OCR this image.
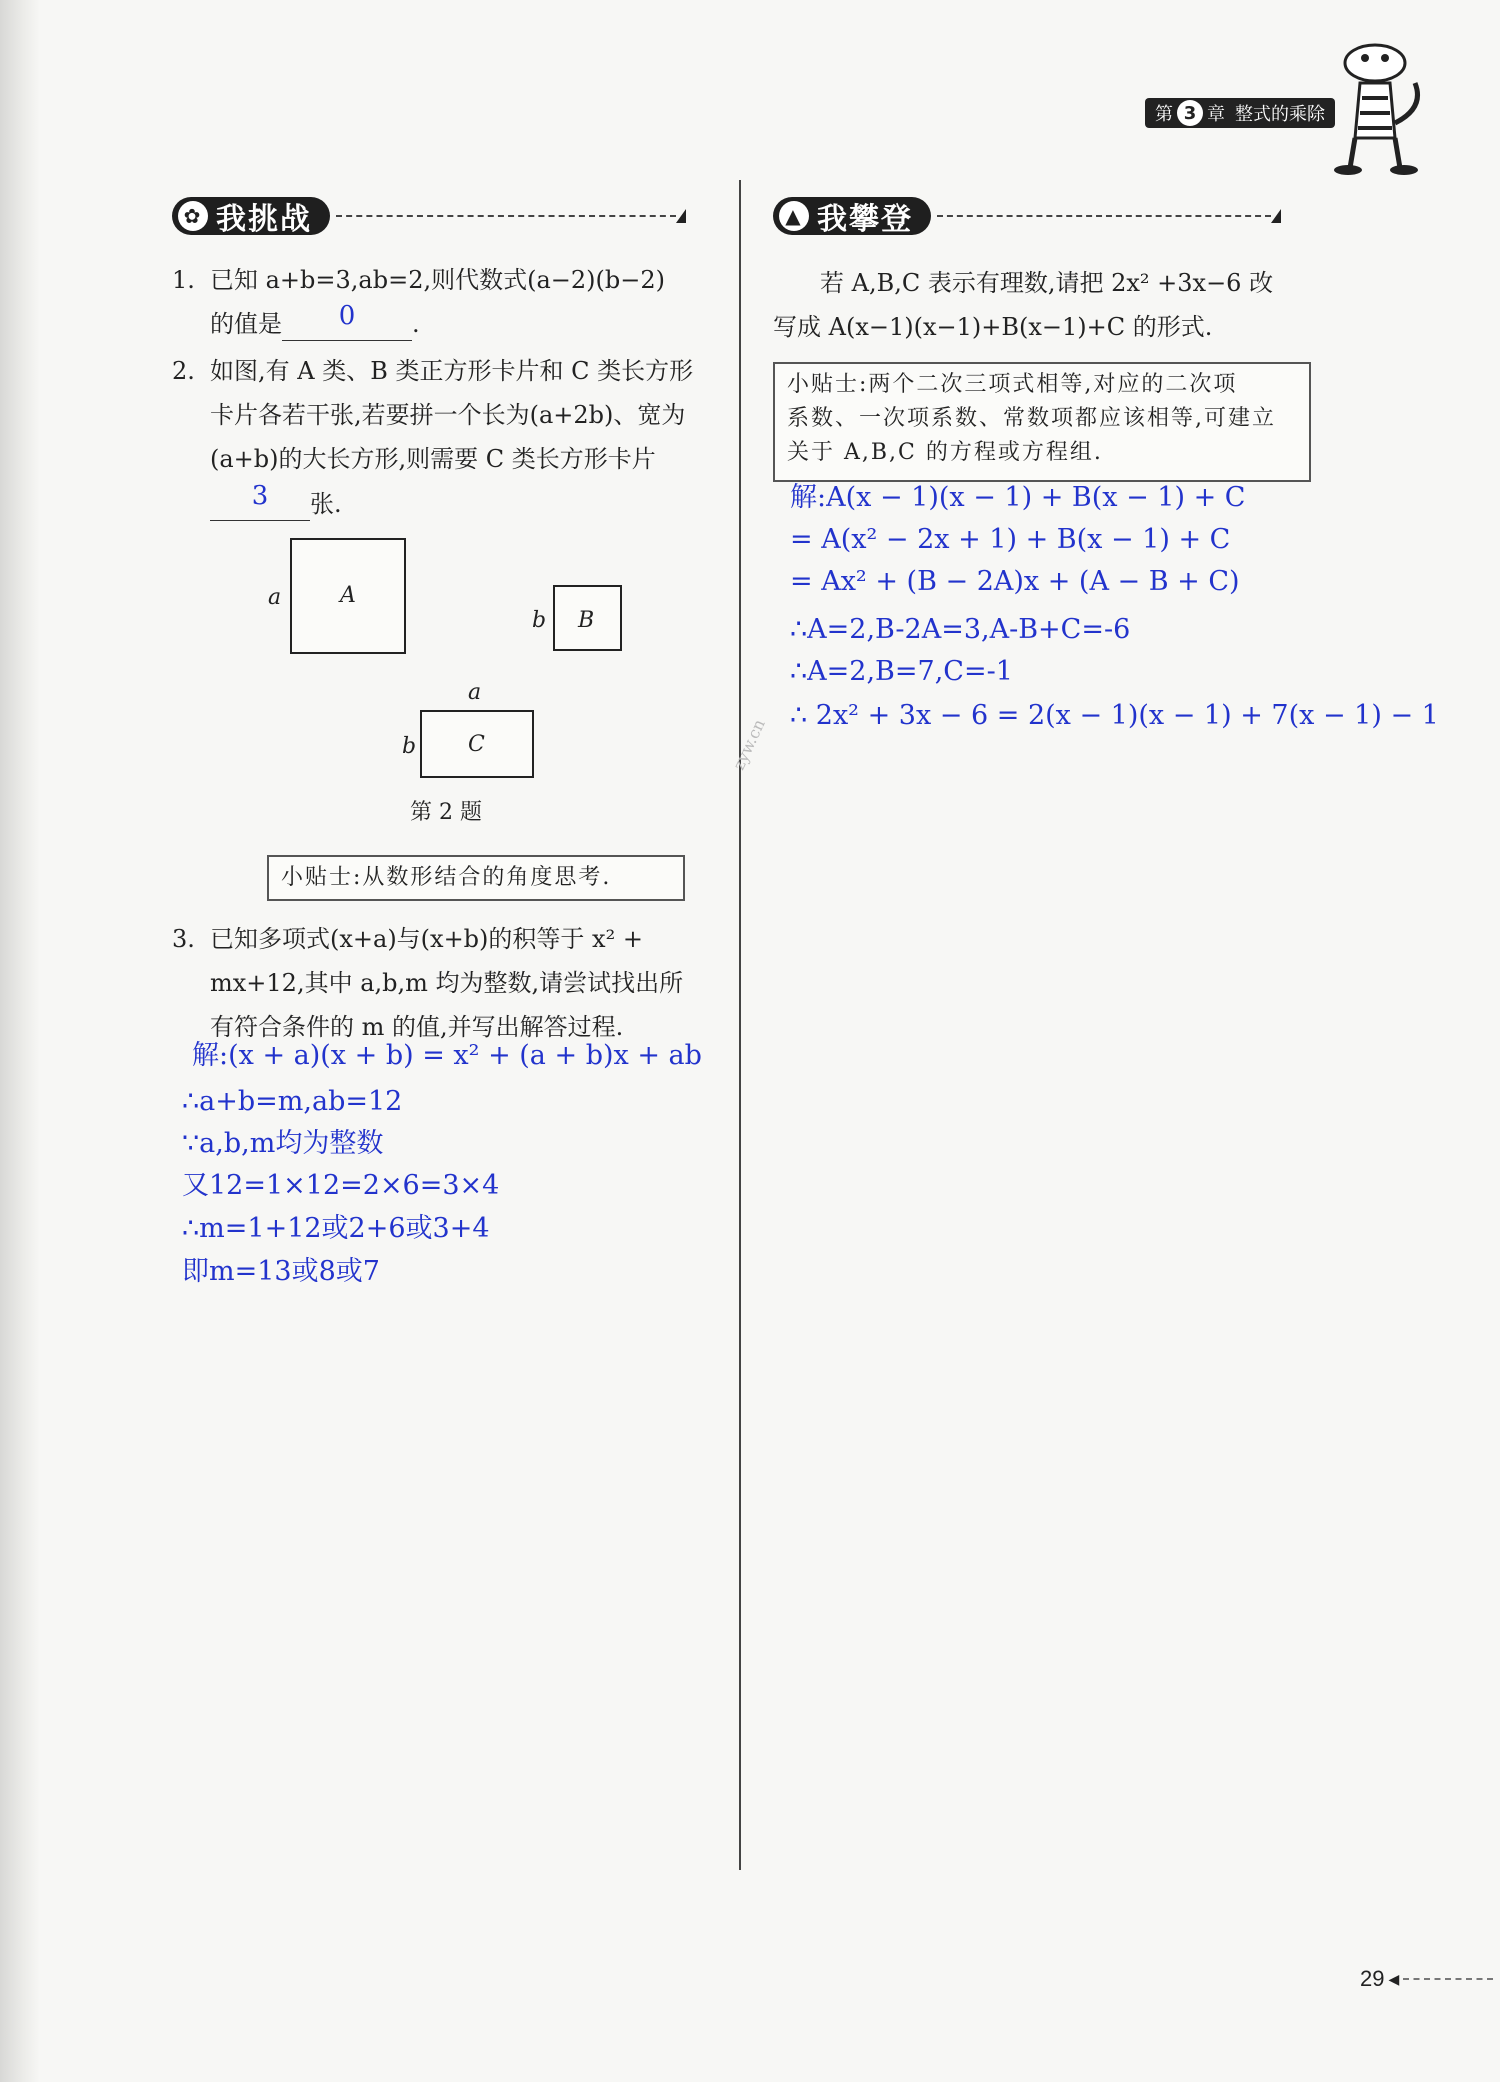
第 3 章 整式的乘除
✿ 我挑战
1. 已知 a+b=3,ab=2,则代数式(a−2)(b−2)
的值是 0 .
2. 如图,有 A 类、B 类正方形卡片和 C 类长方形
卡片各若干张,若要拼一个长为(a+2b)、宽为
(a+b)的大长方形,则需要 C 类长方形卡片
3 张.
a	A
b B
a
b C
第 2 题
小贴士:从数形结合的角度思考.
3. 已知多项式(x+a)与(x+b)的积等于 x² +
mx+12,其中 a,b,m 均为整数,请尝试找出所
有符合条件的 m 的值,并写出解答过程.
解:(x + a)(x + b) = x² + (a + b)x + ab
∴a+b=m,ab=12
∵a,b,m均为整数
又12=1×12=2×6=3×4
∴m=1+12或2+6或3+4
即m=13或8或7
▲ 我攀登
若 A,B,C 表示有理数,请把 2x² +3x−6 改
写成 A(x−1)(x−1)+B(x−1)+C 的形式.
小贴士:两个二次三项式相等,对应的二次项
系数、一次项系数、常数项都应该相等,可建立
关于 A,B,C 的方程或方程组.
解:A(x − 1)(x − 1) + B(x − 1) + C
= A(x² − 2x + 1) + B(x − 1) + C
= Ax² + (B − 2A)x + (A − B + C)
∴A=2,B-2A=3,A-B+C=-6
∴A=2,B=7,C=-1
∴ 2x² + 3x − 6 = 2(x − 1)(x − 1) + 7(x − 1) − 1
zyw.cn
29 ◀
